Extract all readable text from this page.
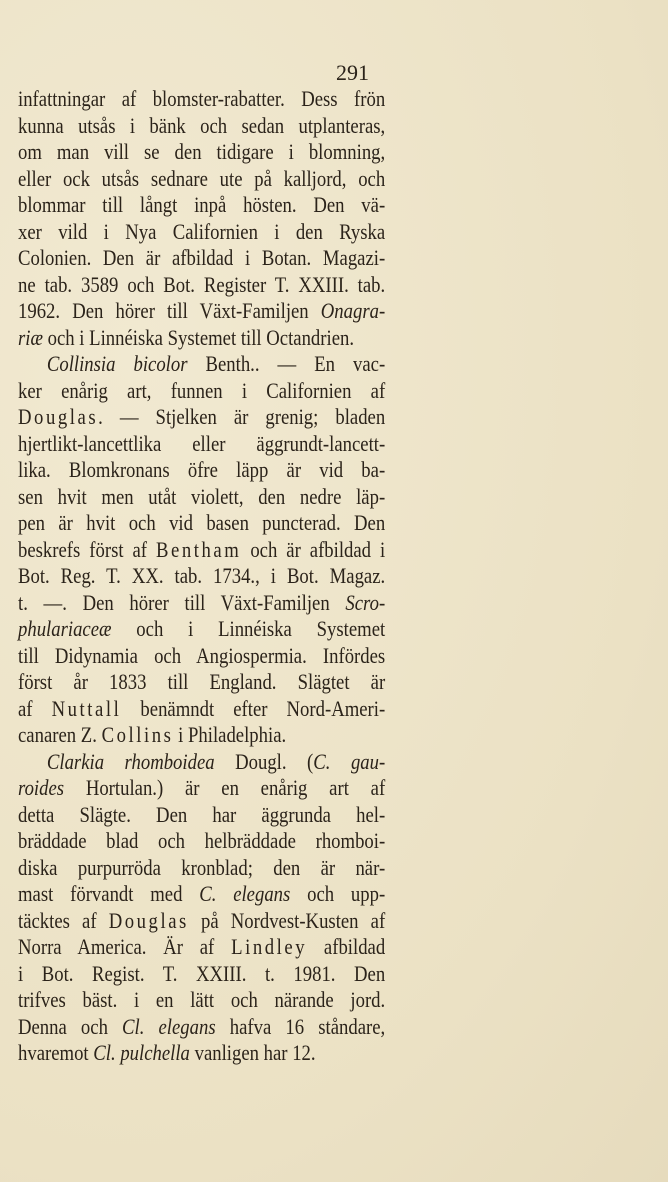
291
infattningar af blomster-rabatter. Dess frön
kunna utsås i bänk och sedan utplanteras,
om man vill se den tidigare i blomning,
eller ock utsås sednare ute på kalljord, och
blommar till långt inpå hösten. Den vä-
xer vild i Nya Californien i den Ryska
Colonien. Den är afbildad i Botan. Magazi-
ne tab. 3589 och Bot. Register T. XXIII. tab.
1962. Den hörer till Växt-Familjen Onagra-
riæ och i Linnéiska Systemet till Octandrien.
Collinsia bicolor Benth.. — En vac-
ker enårig art, funnen i Californien af
Douglas. — Stjelken är grenig; bladen
hjertlikt-lancettlika eller äggrundt-lancett-
lika. Blomkronans öfre läpp är vid ba-
sen hvit men utåt violett, den nedre läp-
pen är hvit och vid basen puncterad. Den
beskrefs först af Bentham och är afbildad i
Bot. Reg. T. XX. tab. 1734., i Bot. Magaz.
t. —. Den hörer till Växt-Familjen Scro-
phulariaceæ och i Linnéiska Systemet
till Didynamia och Angiospermia. Infördes
först år 1833 till England. Slägtet är
af Nuttall benämndt efter Nord-Ameri-
canaren Z. Collins i Philadelphia.
Clarkia rhomboidea Dougl. (C. gau-
roides Hortulan.) är en enårig art af
detta Slägte. Den har äggrunda hel-
bräddade blad och helbräddade rhomboi-
diska purpurröda kronblad; den är när-
mast förvandt med C. elegans och upp-
täcktes af Douglas på Nordvest-Kusten af
Norra America. Är af Lindley afbildad
i Bot. Regist. T. XXIII. t. 1981. Den
trifves bäst. i en lätt och närande jord.
Denna och Cl. elegans hafva 16 ståndare,
hvaremot Cl. pulchella vanligen har 12.
